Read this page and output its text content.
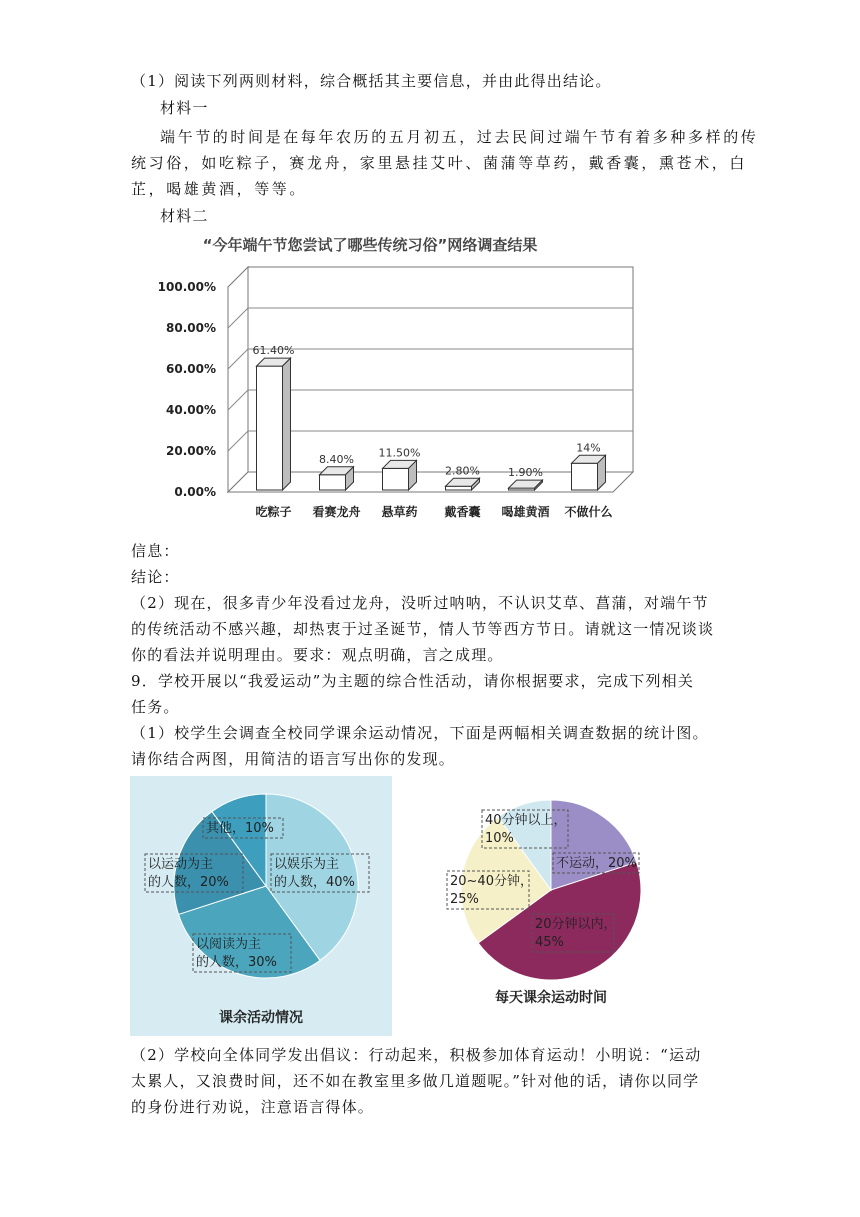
（1）阅读下列两则材料，综合概括其主要信息，并由此得出结论。
材料一
端午节的时间是在每年农历的五月初五，过去民间过端午节有着多种多样的传
统习俗，如吃粽子，赛龙舟，家里悬挂艾叶、菌蒲等草药，戴香囊，熏苍术，白
芷，喝雄黄酒，等等。
材料二
“今年端午节您尝试了哪些传统习俗”网络调查结果
0.00%
20.00%
40.00%
60.00%
80.00%
100.00%
61.40%
8.40% 11.50%
2.80%	1.90%
14%
吃粽子 看赛龙舟 悬草药 戴香囊 喝雄黄酒 不做什么
信息：
结论：
（2）现在，很多青少年没看过龙舟，没听过呐呐，不认识艾草、菖蒲，对端午节
的传统活动不感兴趣，却热衷于过圣诞节，情人节等西方节日。请就这一情况谈谈
你的看法并说明理由。要求：观点明确，言之成理。
9．学校开展以“我爱运动”为主题的综合性活动，请你根据要求，完成下列相关
任务。
（1）校学生会调查全校同学课余运动情况，下面是两幅相关调查数据的统计图。
请你结合两图，用简洁的语言写出你的发现。
以娱乐为主
的人数，40%
以阅读为主
的人数，30%
以运动为主
的人数，20%
其他，10%
课余活动情况
不运动，20%
20分钟以内，
45%
20~40分钟，
25%
40分钟以上，
10%
每天课余运动时间
（2）学校向全体同学发出倡议：行动起来，积极参加体育运动！小明说：“运动
太累人，又浪费时间，还不如在教室里多做几道题呢。”针对他的话，请你以同学
的身份进行劝说，注意语言得体。
